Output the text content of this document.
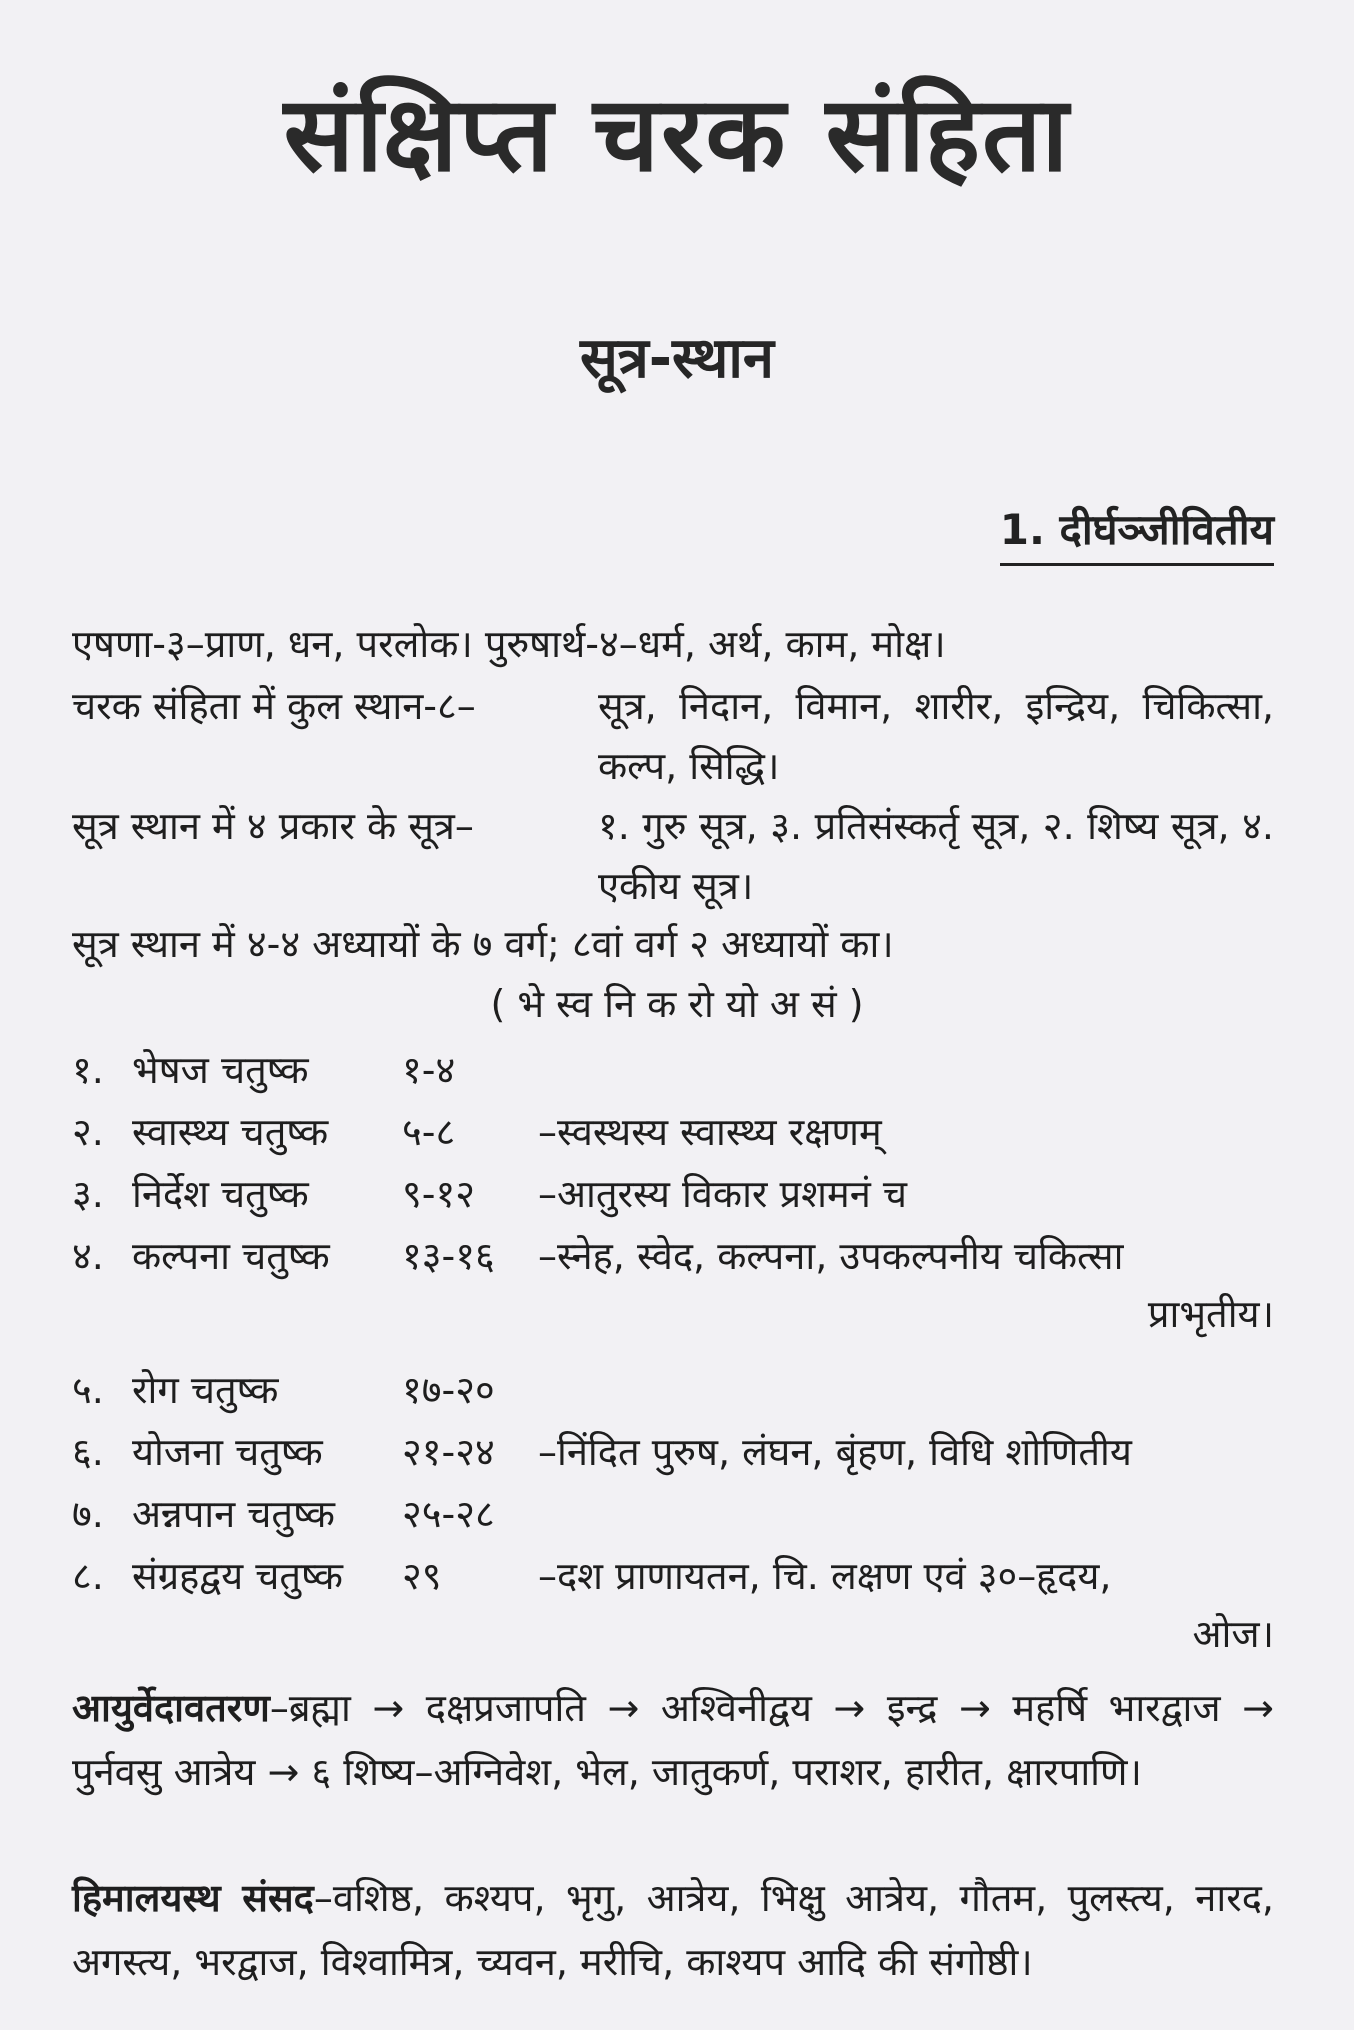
संक्षिप्त चरक संहिता
सूत्र-स्थान
1. दीर्घञ्जीवितीय
एषणा-३–प्राण, धन, परलोक। पुरुषार्थ-४–धर्म, अर्थ, काम, मोक्ष।
चरक संहिता में कुल स्थान-८–	सूत्र, निदान, विमान, शारीर, इन्द्रिय, चिकित्सा, कल्प, सिद्धि।
सूत्र स्थान में ४ प्रकार के सूत्र–	१. गुरु सूत्र, ३. प्रतिसंस्कर्तृ सूत्र, २. शिष्य सूत्र, ४. एकीय सूत्र।
सूत्र स्थान में ४-४ अध्यायों के ७ वर्ग; ८वां वर्ग २ अध्यायों का।
( भे स्व नि क रो यो अ सं )
१. भेषज चतुष्क १-४
२. स्वास्थ्य चतुष्क ५-८ –स्वस्थस्य स्वास्थ्य रक्षणम्
३. निर्देश चतुष्क ९-१२ –आतुरस्य विकार प्रशमनं च
४. कल्पना चतुष्क १३-१६ –स्नेह, स्वेद, कल्पना, उपकल्पनीय चकित्सा
प्राभृतीय।
५. रोग चतुष्क	१७-२०
६. योजना चतुष्क २१-२४ –निंदित पुरुष, लंघन, बृंहण, विधि शोणितीय
७. अन्नपान चतुष्क २५-२८
८. संग्रहद्वय चतुष्क २९	–दश प्राणायतन, चि. लक्षण एवं ३०–हृदय,
ओज।
आयुर्वेदावतरण–ब्रह्मा → दक्षप्रजापति → अश्विनीद्वय → इन्द्र → महर्षि भारद्वाज → पुर्नवसु आत्रेय → ६ शिष्य–अग्निवेश, भेल, जातुकर्ण, पराशर, हारीत, क्षारपाणि।
हिमालयस्थ संसद–वशिष्ठ, कश्यप, भृगु, आत्रेय, भिक्षु आत्रेय, गौतम, पुलस्त्य, नारद, अगस्त्य, भरद्वाज, विश्वामित्र, च्यवन, मरीचि, काश्यप आदि की संगोष्ठी।
